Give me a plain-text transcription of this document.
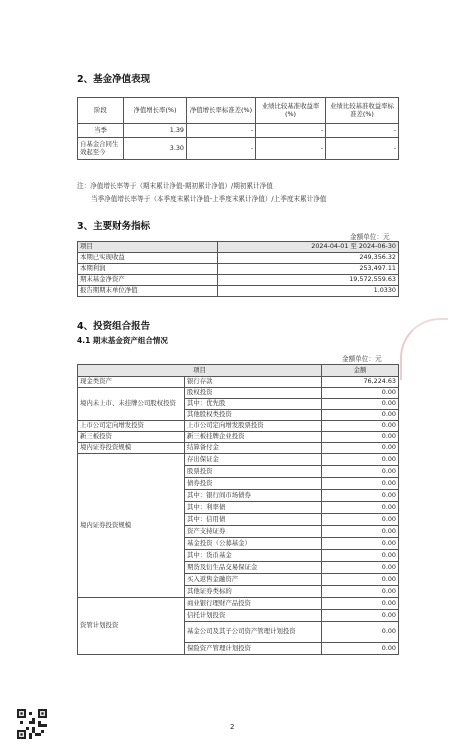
2、基金净值表现
阶段	净值增长率(%)	净值增长率标准差(%)	业绩比较基准收益率(%)	业绩比较基准收益率标准差(%)
当季	1.39	-	-	-
自基金合同生效起至今	3.30	-	-	-
注：净值增长率等于（期末累计净值-期初累计净值）/期初累计净值
当季净值增长率等于（本季度末累计净值-上季度末累计净值）/上季度末累计净值
3、主要财务指标
金额单位：元
项目	2024-04-01 至 2024-06-30
本期已实现收益	249,356.32
本期利润	253,497.11
期末基金净资产	19,572,559.63
报告期期末单位净值	1.0330
4、投资组合报告
4.1 期末基金资产组合情况
金额单位：元
项目		金额
现金类资产	银行存款	76,224.63
境内未上市、未挂牌公司股权投资	股权投资	0.00
	其中：优先股	0.00
	其他股权类投资	0.00
上市公司定向增发投资	上市公司定向增发股票投资	0.00
新三板投资	新三板挂牌企业投资	0.00
境内证券投资规模	结算备付金	0.00
境内证券投资规模	存出保证金	0.00
	股票投资	0.00
	债券投资	0.00
	其中：银行间市场债券	0.00
	其中：利率债	0.00
	其中：信用债	0.00
	资产支持证券	0.00
	基金投资（公募基金）	0.00
	其中：货币基金	0.00
	期货及衍生品交易保证金	0.00
	买入返售金融资产	0.00
	其他证券类标的	0.00
资管计划投资	商业银行理财产品投资	0.00
	信托计划投资	0.00
	基金公司及其子公司资产管理计划投资	0.00
	保险资产管理计划投资	0.00
2
